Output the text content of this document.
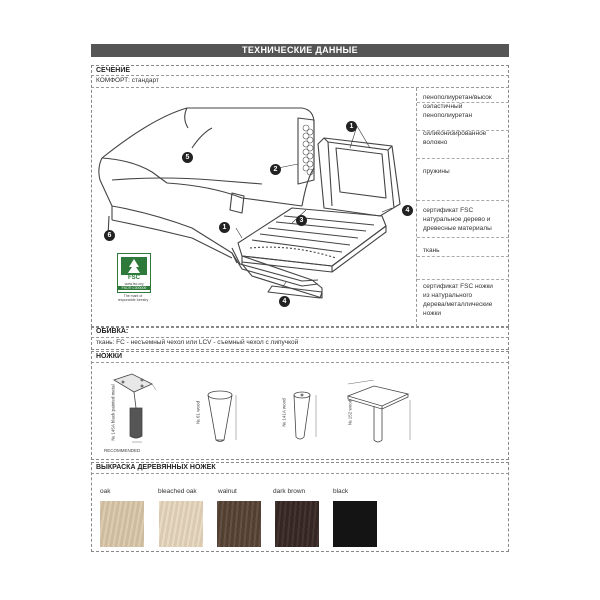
ТЕХНИЧЕСКИЕ ДАННЫЕ
СЕЧЕНИЕ
КОМФОРТ: стандарт
1
2
3
4
5
6
1
4
FSC
www.fsc.org
FSC® C000000
The mark of
responsible forestry
пенополиуретан/высок
оэластичный
пенополиуретан
силиконизированное
волокно
пружины
сертификат FSC
натуральное дерево и
древесные материалы
ткань
сертификат FSC ножки
из натурального
дерева/металлические
ножки
ОБИВКА:
ткань: FC - несъемный чехол или LCV - съемный чехол с липучкой
НОЖКИ
№ 145A black painted metal
RECOMMENDED
№ 61 wood	№ 141A wood	№ 152 wood
ВЫКРАСКА ДЕРЕВЯННЫХ НОЖЕК
oak	bleached oak	walnut	dark brown	black
